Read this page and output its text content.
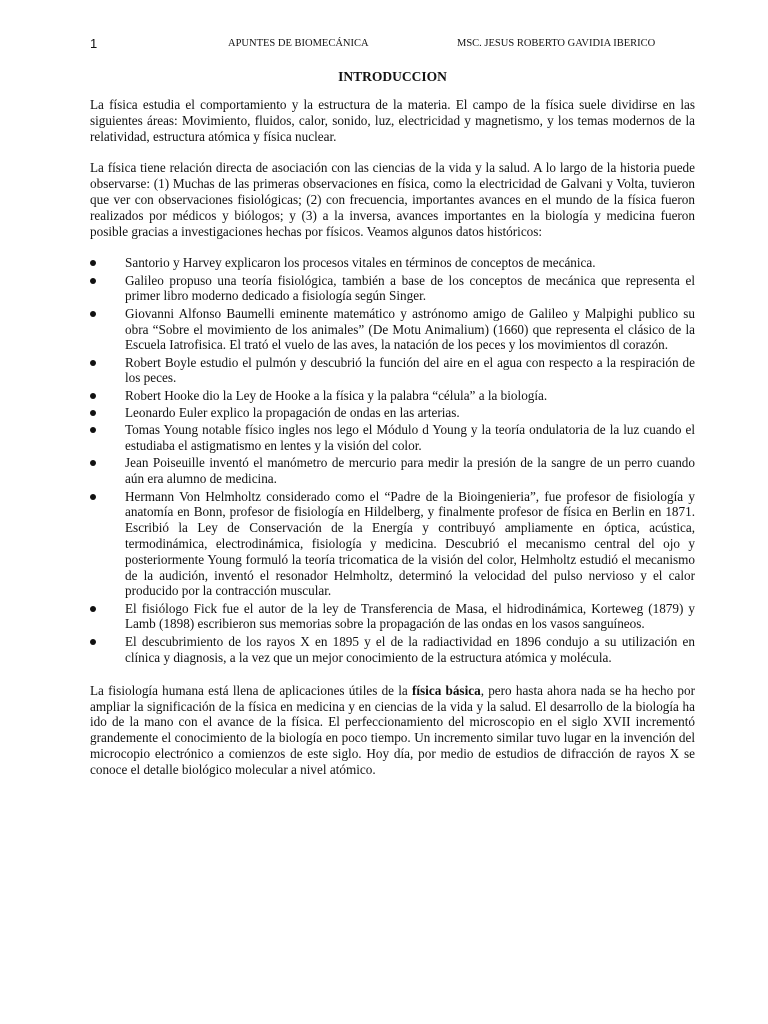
1	APUNTES DE BIOMECÁNICA	MSC. JESUS ROBERTO GAVIDIA IBERICO
INTRODUCCION

La física estudia el comportamiento y la estructura de la materia. El campo de la física suele dividirse en las siguientes áreas: Movimiento, fluidos, calor, sonido, luz, electricidad y magnetismo, y los temas modernos de la relatividad, estructura atómica y física nuclear.

La física tiene relación directa de asociación con las ciencias de la vida y la salud. A lo largo de la historia puede observarse: (1) Muchas de las primeras observaciones en física, como la electricidad de Galvani y Volta, tuvieron que ver con observaciones fisiológicas; (2) con frecuencia, importantes avances en el mundo de la física fueron realizados por médicos y biólogos; y (3) a la inversa, avances importantes en la biología y medicina fueron posible gracias a investigaciones hechas por físicos. Veamos algunos datos históricos:

Santorio y Harvey explicaron los procesos vitales en términos de conceptos de mecánica.
Galileo propuso una teoría fisiológica, también a base de los conceptos de mecánica que representa el primer libro moderno dedicado a fisiología según Singer.
Giovanni Alfonso Baumelli eminente matemático y astrónomo amigo de Galileo y Malpighi publico su obra “Sobre el movimiento de los animales” (De Motu Animalium) (1660) que representa el clásico de la Escuela Iatrofisica. El trató el vuelo de las aves, la natación de los peces y los movimientos dl corazón.
Robert Boyle estudio el pulmón y descubrió la función del aire en el agua con respecto a la respiración de los peces.
Robert Hooke dio la Ley de Hooke a la física y la palabra “célula” a la biología.
Leonardo Euler explico la propagación de ondas en las arterias.
Tomas Young notable físico ingles nos lego el Módulo d Young y la teoría ondulatoria de la luz cuando el estudiaba el astigmatismo en lentes y la visión del color.
Jean Poiseuille inventó el manómetro de mercurio para medir la presión de la sangre de un perro cuando aún era alumno de medicina.
Hermann Von Helmholtz considerado como el “Padre de la Bioingenieria”, fue profesor de fisiología y anatomía en Bonn, profesor de fisiología en Hildelberg, y finalmente profesor de física en Berlin en 1871. Escribió la Ley de Conservación de la Energía y contribuyó ampliamente en óptica, acústica, termodinámica, electrodinámica, fisiología y medicina. Descubrió el mecanismo central del ojo y posteriormente Young formuló la teoría tricomatica de la visión del color, Helmholtz estudió el mecanismo de la audición, inventó el resonador Helmholtz, determinó la velocidad del pulso nervioso y el calor producido por la contracción muscular.
El fisiólogo Fick fue el autor de la ley de Transferencia de Masa, el hidrodinámica, Korteweg (1879) y Lamb (1898) escribieron sus memorias sobre la propagación de las ondas en los vasos sanguíneos.
El descubrimiento de los rayos X en 1895 y el de la radiactividad en 1896 condujo a su utilización en clínica y diagnosis, a la vez que un mejor conocimiento de la estructura atómica y molécula.

La fisiología humana está llena de aplicaciones útiles de la física básica, pero hasta ahora nada se ha hecho por ampliar la significación de la física en medicina y en ciencias de la vida y la salud. El desarrollo de la biología ha ido de la mano con el avance de la física. El perfeccionamiento del microscopio en el siglo XVII incrementó grandemente el conocimiento de la biología en poco tiempo. Un incremento similar tuvo lugar en la invención del microcopio electrónico a comienzos de este siglo. Hoy día, por medio de estudios de difracción de rayos X se conoce el detalle biológico molecular a nivel atómico.
